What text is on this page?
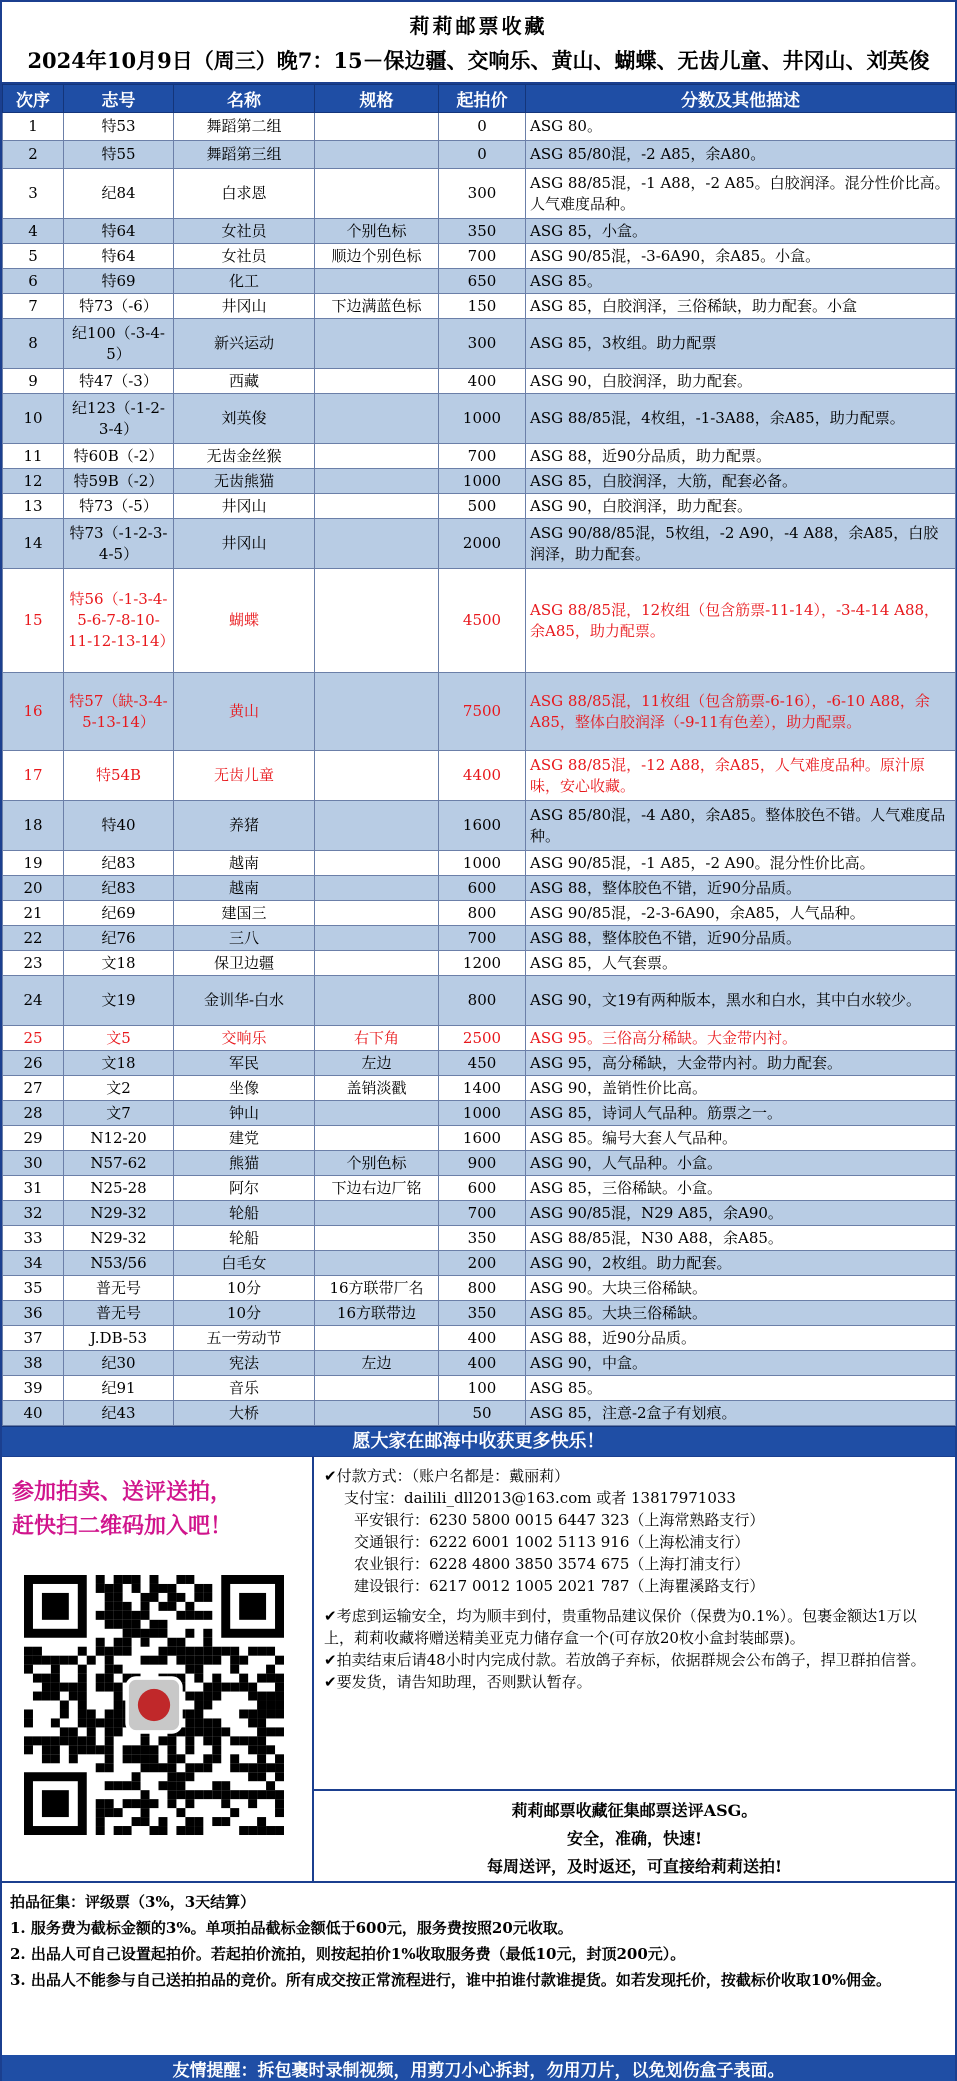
莉莉邮票收藏
2024年10月9日（周三）晚7：15－保边疆、交响乐、黄山、蝴蝶、无齿儿童、井冈山、刘英俊
次序	志号	名称	规格	起拍价	分数及其他描述
1	特53	舞蹈第二组		0	ASG 80。
2	特55	舞蹈第三组		0	ASG 85/80混，-2 A85，余A80。
3	纪84	白求恩		300	ASG 88/85混，-1 A88，-2 A85。白胶润泽。混分性价比高。人气难度品种。
4	特64	女社员	个别色标	350	ASG 85，小盒。
5	特64	女社员	顺边个别色标	700	ASG 90/85混，-3-6A90，余A85。小盒。
6	特69	化工		650	ASG 85。
7	特73（-6）	井冈山	下边满蓝色标	150	ASG 85，白胶润泽，三俗稀缺，助力配套。小盒
8	纪100（-3-4-5）	新兴运动		300	ASG 85，3枚组。助力配票
9	特47（-3）	西藏		400	ASG 90，白胶润泽，助力配套。
10	纪123（-1-2-3-4）	刘英俊		1000	ASG 88/85混，4枚组，-1-3A88，余A85，助力配票。
11	特60B（-2）	无齿金丝猴		700	ASG 88，近90分品质，助力配票。
12	特59B（-2）	无齿熊猫		1000	ASG 85，白胶润泽，大筋，配套必备。
13	特73（-5）	井冈山		500	ASG 90，白胶润泽，助力配套。
14	特73（-1-2-3-4-5）	井冈山		2000	ASG 90/88/85混，5枚组，-2 A90，-4 A88，余A85，白胶润泽，助力配套。
15	特56（-1-3-4-5-6-7-8-10-11-12-13-14）	蝴蝶		4500	ASG 88/85混，12枚组（包含筋票-11-14），-3-4-14 A88，余A85，助力配票。
16	特57（缺-3-4-5-13-14）	黄山		7500	ASG 88/85混，11枚组（包含筋票-6-16），-6-10 A88，余A85，整体白胶润泽（-9-11有色差），助力配票。
17	特54B	无齿儿童		4400	ASG 88/85混，-12 A88，余A85，人气难度品种。原汁原味，安心收藏。
18	特40	养猪		1600	ASG 85/80混，-4 A80，余A85。整体胶色不错。人气难度品种。
19	纪83	越南		1000	ASG 90/85混，-1 A85，-2 A90。混分性价比高。
20	纪83	越南		600	ASG 88，整体胶色不错，近90分品质。
21	纪69	建国三		800	ASG 90/85混，-2-3-6A90，余A85，人气品种。
22	纪76	三八		700	ASG 88，整体胶色不错，近90分品质。
23	文18	保卫边疆		1200	ASG 85，人气套票。
24	文19	金训华-白水		800	ASG 90，文19有两种版本，黑水和白水，其中白水较少。
25	文5	交响乐	右下角	2500	ASG 95。三俗高分稀缺。大金带内衬。
26	文18	军民	左边	450	ASG 95，高分稀缺，大金带内衬。助力配套。
27	文2	坐像	盖销淡戳	1400	ASG 90，盖销性价比高。
28	文7	钟山		1000	ASG 85，诗词人气品种。筋票之一。
29	N12-20	建党		1600	ASG 85。编号大套人气品种。
30	N57-62	熊猫	个别色标	900	ASG 90，人气品种。小盒。
31	N25-28	阿尔	下边右边厂铭	600	ASG 85，三俗稀缺。小盒。
32	N29-32	轮船		700	ASG 90/85混，N29 A85，余A90。
33	N29-32	轮船		350	ASG 88/85混，N30 A88，余A85。
34	N53/56	白毛女		200	ASG 90，2枚组。助力配套。
35	普无号	10分	16方联带厂名	800	ASG 90。大块三俗稀缺。
36	普无号	10分	16方联带边	350	ASG 85。大块三俗稀缺。
37	J.DB-53	五一劳动节		400	ASG 88，近90分品质。
38	纪30	宪法	左边	400	ASG 90，中盒。
39	纪91	音乐		100	ASG 85。
40	纪43	大桥		50	ASG 85，注意-2盒子有划痕。
愿大家在邮海中收获更多快乐！
参加拍卖、送评送拍，
赶快扫二维码加入吧！

✔付款方式：（账户名都是：戴丽莉）

支付宝：dailili_dll2013@163.com 或者 13817971033

平安银行：6230 5800 0015 6447 323（上海常熟路支行）

交通银行：6222 6001 1002 5113 916（上海松浦支行）

农业银行：6228 4800 3850 3574 675（上海打浦支行）

建设银行：6217 0012 1005 2021 787（上海瞿溪路支行）

✔考虑到运输安全，均为顺丰到付，贵重物品建议保价（保费为0.1%）。包裹金额达1万以上，莉莉收藏将赠送精美亚克力储存盒一个(可存放20枚小盒封装邮票)。

✔拍卖结束后请48小时内完成付款。若放鸽子弃标，依据群规会公布鸽子，捍卫群拍信誉。

✔要发货，请告知助理，否则默认暂存。

莉莉邮票收藏征集邮票送评ASG。
安全，准确，快速!
每周送评，及时返还，可直接给莉莉送拍!
拍品征集：评级票（3%，3天结算）
1. 服务费为截标金额的3%。单项拍品截标金额低于600元，服务费按照20元收取。
2. 出品人可自己设置起拍价。若起拍价流拍，则按起拍价1%收取服务费（最低10元，封顶200元）。
3. 出品人不能参与自己送拍拍品的竞价。所有成交按正常流程进行，谁中拍谁付款谁提货。如若发现托价，按截标价收取10%佣金。
友情提醒：拆包裹时录制视频，用剪刀小心拆封，勿用刀片，以免划伤盒子表面。
